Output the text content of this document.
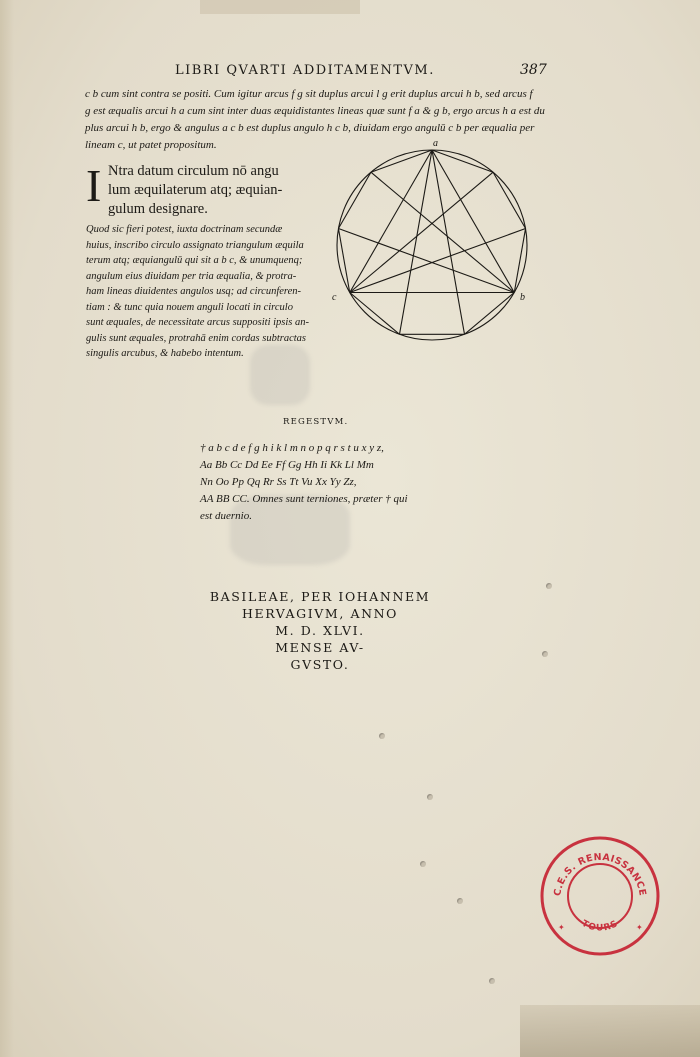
LIBRI QVARTI ADDITAMENTVM.	387
c b cum sint contra se positi. Cum igitur arcus f g sit duplus arcui l g erit duplus arcui h b, sed arcus f
g est æqualis arcui h a cum sint inter duas æquidistantes lineas quæ sunt f a & g b, ergo arcus h a est du
plus arcui h b, ergo & angulus a c b est duplus angulo h c b, diuidam ergo angulū c b per æqualia per
lineam c, ut patet propositum.
I Ntra datum circulum nō angu
lum æquilaterum atq; æquian-
gulum designare.
Quod sic fieri potest, iuxta doctrinam secundæ
huius, inscribo circulo assignato triangulum æquila
terum atq; æquiangulū qui sit a b c, & unumquenq;
angulum eius diuidam per tria æqualia, & protra-
ham lineas diuidentes angulos usq; ad circunferen-
tiam : & tunc quia nouem anguli locati in circulo
sunt æquales, de necessitate arcus suppositi ipsis an-
gulis sunt æquales, protrahā enim cordas subtractas
singulis arcubus, & habebo intentum.
a
b
c
REGESTVM.
† a b c d e f g h i k l m n o p q r s t u x y z,
Aa Bb Cc Dd Ee Ff Gg Hh Ii Kk Ll Mm
Nn Oo Pp Qq Rr Ss Tt Vu Xx Yy Zz,
AA BB CC. Omnes sunt terniones, præter † qui
est duernio.
BASILEAE, PER IOHANNEM
HERVAGIVM, ANNO
M. D. XLVI.
MENSE AV-
GVSTO.
C.E.S. RENAISSANCE
TOURS
✦	✦
